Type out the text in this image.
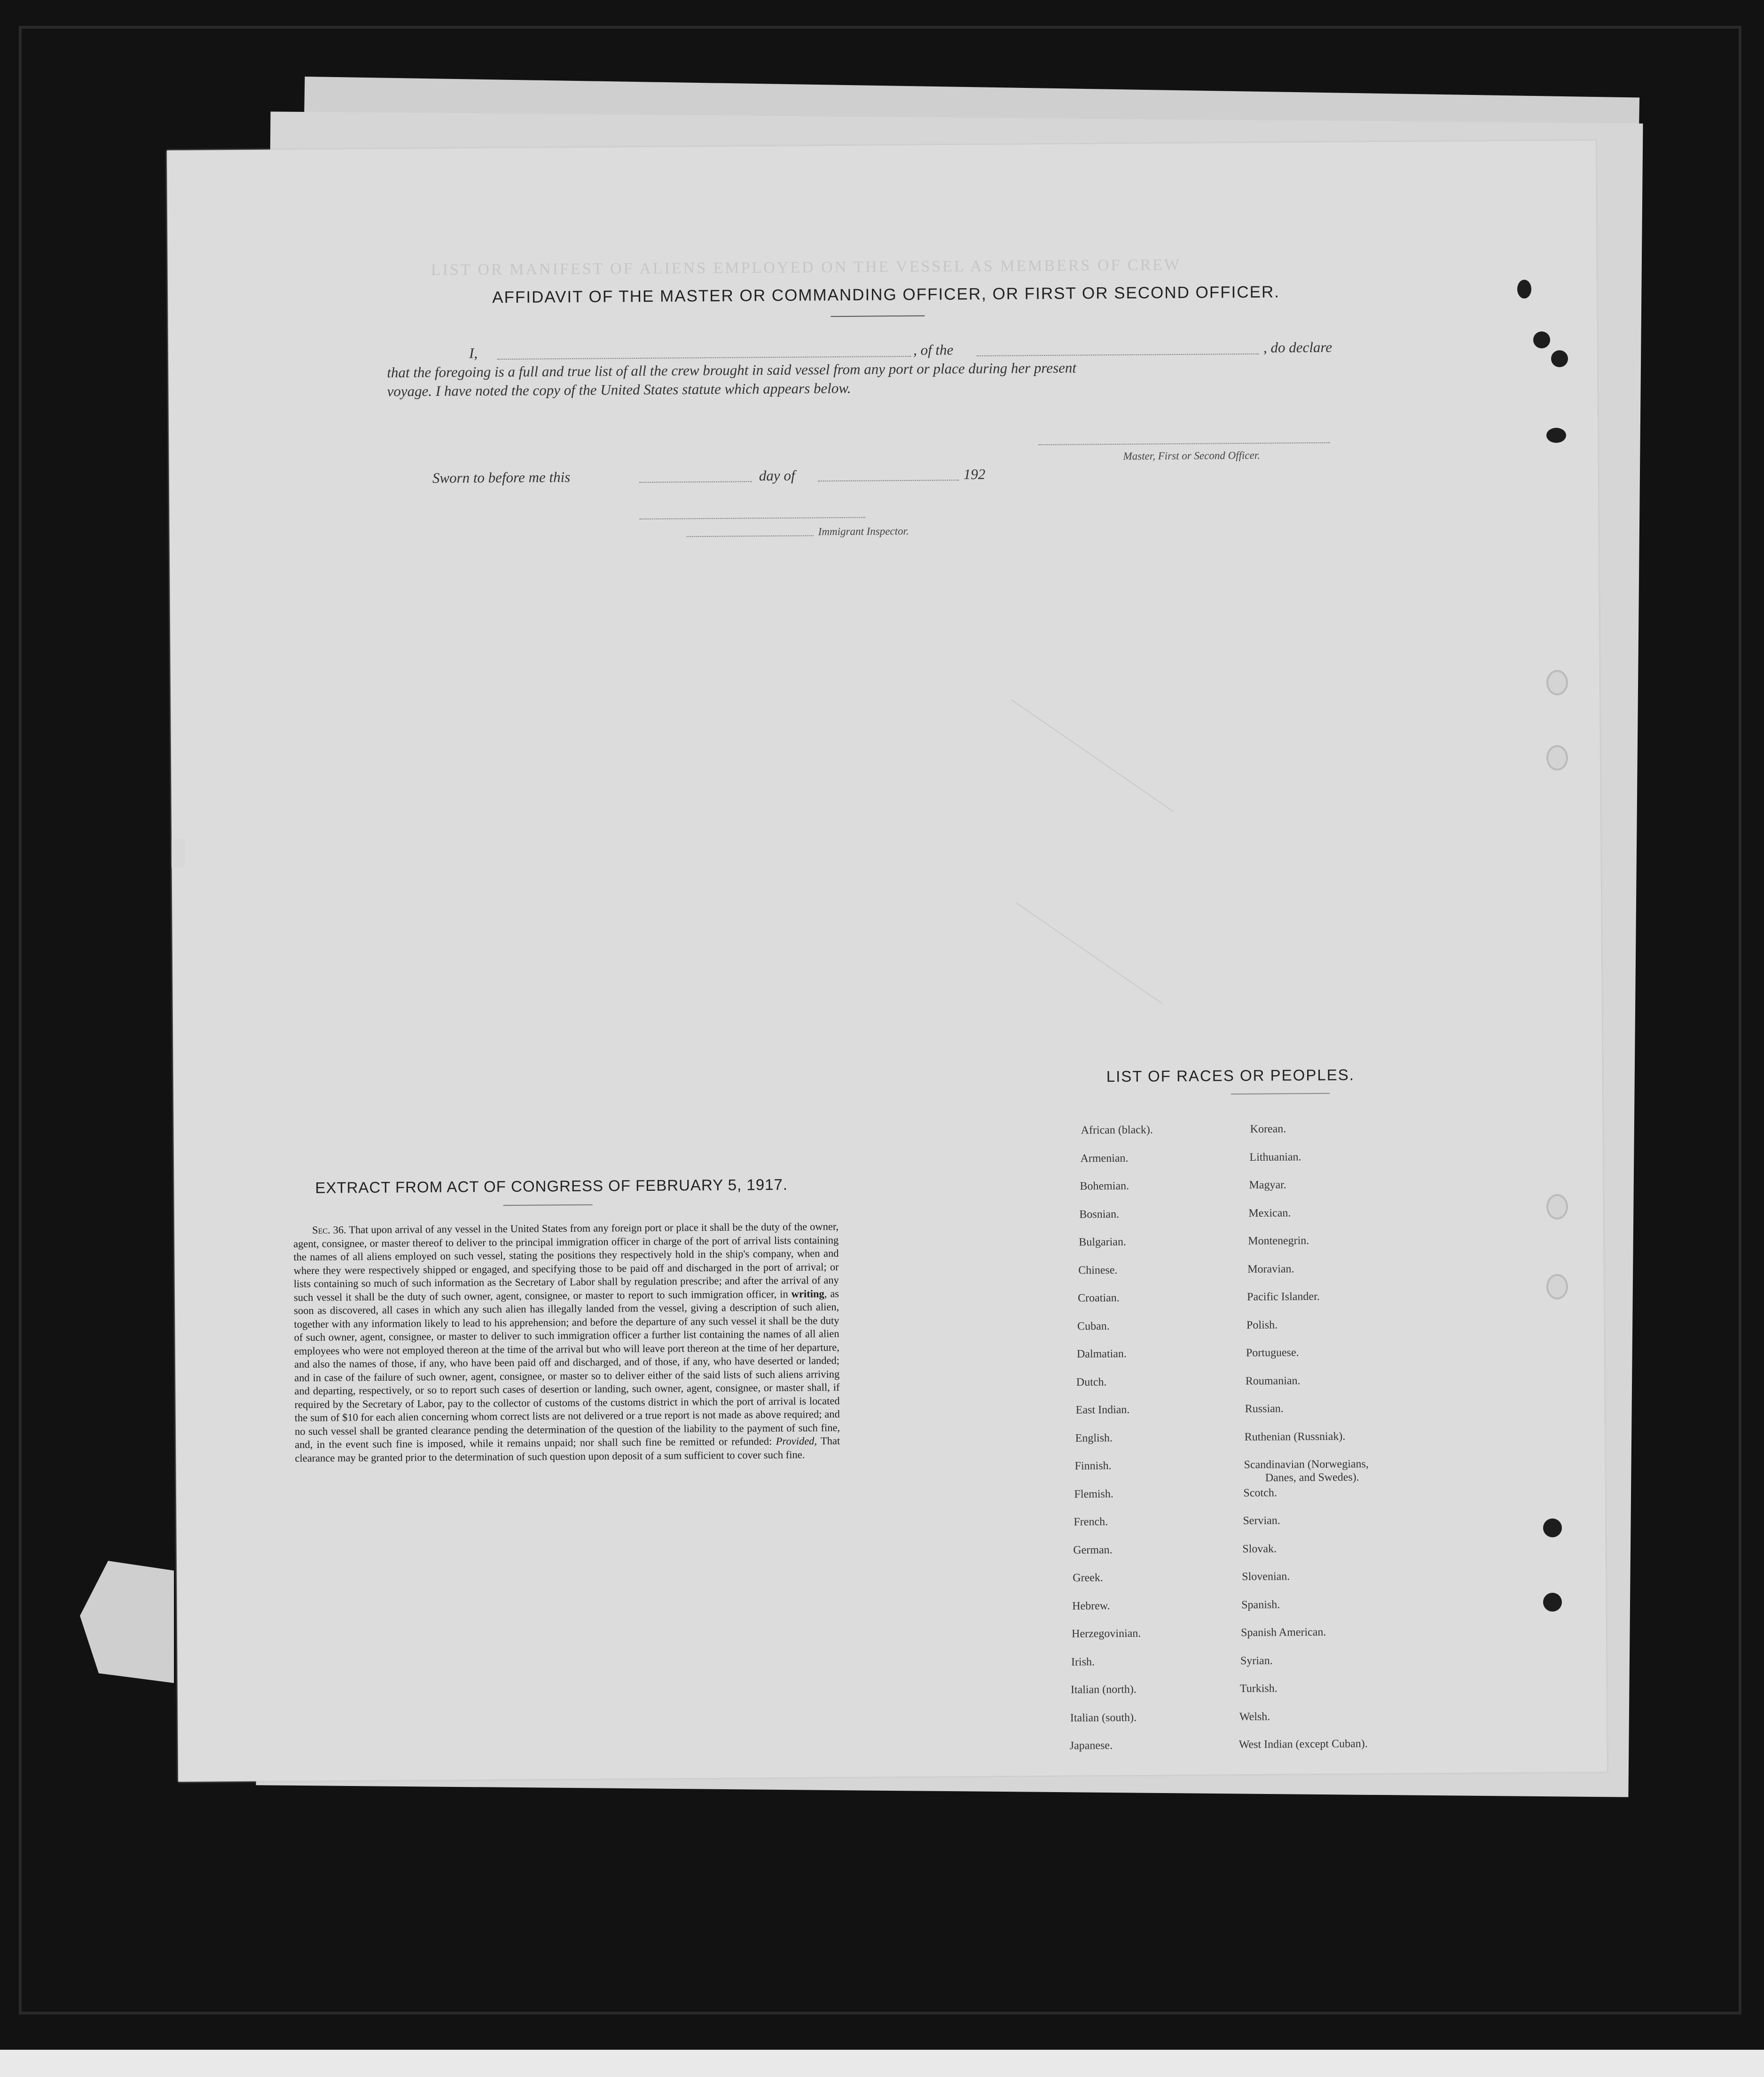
LIST OR MANIFEST OF ALIENS EMPLOYED ON THE VESSEL AS MEMBERS OF CREW
AFFIDAVIT OF THE MASTER OR COMMANDING OFFICER, OR FIRST OR SECOND OFFICER.
I,	, of the	, do declare
that the foregoing is a full and true list of all the crew brought in said vessel from any port or place during her present
voyage. I have noted the copy of the United States statute which appears below.
Master, First or Second Officer.
Sworn to before me this	day of	192
Immigrant Inspector.
EXTRACT FROM ACT OF CONGRESS OF FEBRUARY 5, 1917.
Sec. 36. That upon arrival of any vessel in the United States from any foreign port or place it shall be the duty of the owner, agent, consignee, or master thereof to deliver to the principal immigration officer in charge of the port of arrival lists containing the names of all aliens employed on such vessel, stating the positions they respectively hold in the ship's company, when and where they were respectively shipped or engaged, and specifying those to be paid off and discharged in the port of arrival; or lists containing so much of such information as the Secretary of Labor shall by regulation prescribe; and after the arrival of any such vessel it shall be the duty of such owner, agent, consignee, or master to report to such immigration officer, in writing, as soon as discovered, all cases in which any such alien has illegally landed from the vessel, giving a description of such alien, together with any information likely to lead to his apprehension; and before the departure of any such vessel it shall be the duty of such owner, agent, consignee, or master to deliver to such immigration officer a further list containing the names of all alien employees who were not employed thereon at the time of the arrival but who will leave port thereon at the time of her departure, and also the names of those, if any, who have been paid off and discharged, and of those, if any, who have deserted or landed; and in case of the failure of such owner, agent, consignee, or master so to deliver either of the said lists of such aliens arriving and departing, respectively, or so to report such cases of desertion or landing, such owner, agent, consignee, or master shall, if required by the Secretary of Labor, pay to the collector of customs of the customs district in which the port of arrival is located the sum of $10 for each alien concerning whom correct lists are not delivered or a true report is not made as above required; and no such vessel shall be granted clearance pending the determination of the question of the liability to the payment of such fine, and, in the event such fine is imposed, while it remains unpaid; nor shall such fine be remitted or refunded: Provided, That clearance may be granted prior to the determination of such question upon deposit of a sum sufficient to cover such fine.
LIST OF RACES OR PEOPLES.
African (black).
Armenian.
Bohemian.
Bosnian.
Bulgarian.
Chinese.
Croatian.
Cuban.
Dalmatian.
Dutch.
East Indian.
English.
Finnish.
Flemish.
French.
German.
Greek.
Hebrew.
Herzegovinian.
Irish.
Italian (north).
Italian (south).
Japanese.
Korean.
Lithuanian.
Magyar.
Mexican.
Montenegrin.
Moravian.
Pacific Islander.
Polish.
Portuguese.
Roumanian.
Russian.
Ruthenian (Russniak).
Scandinavian (Norwegians,
Danes, and Swedes).
Scotch.
Servian.
Slovak.
Slovenian.
Spanish.
Spanish American.
Syrian.
Turkish.
Welsh.
West Indian (except Cuban).
